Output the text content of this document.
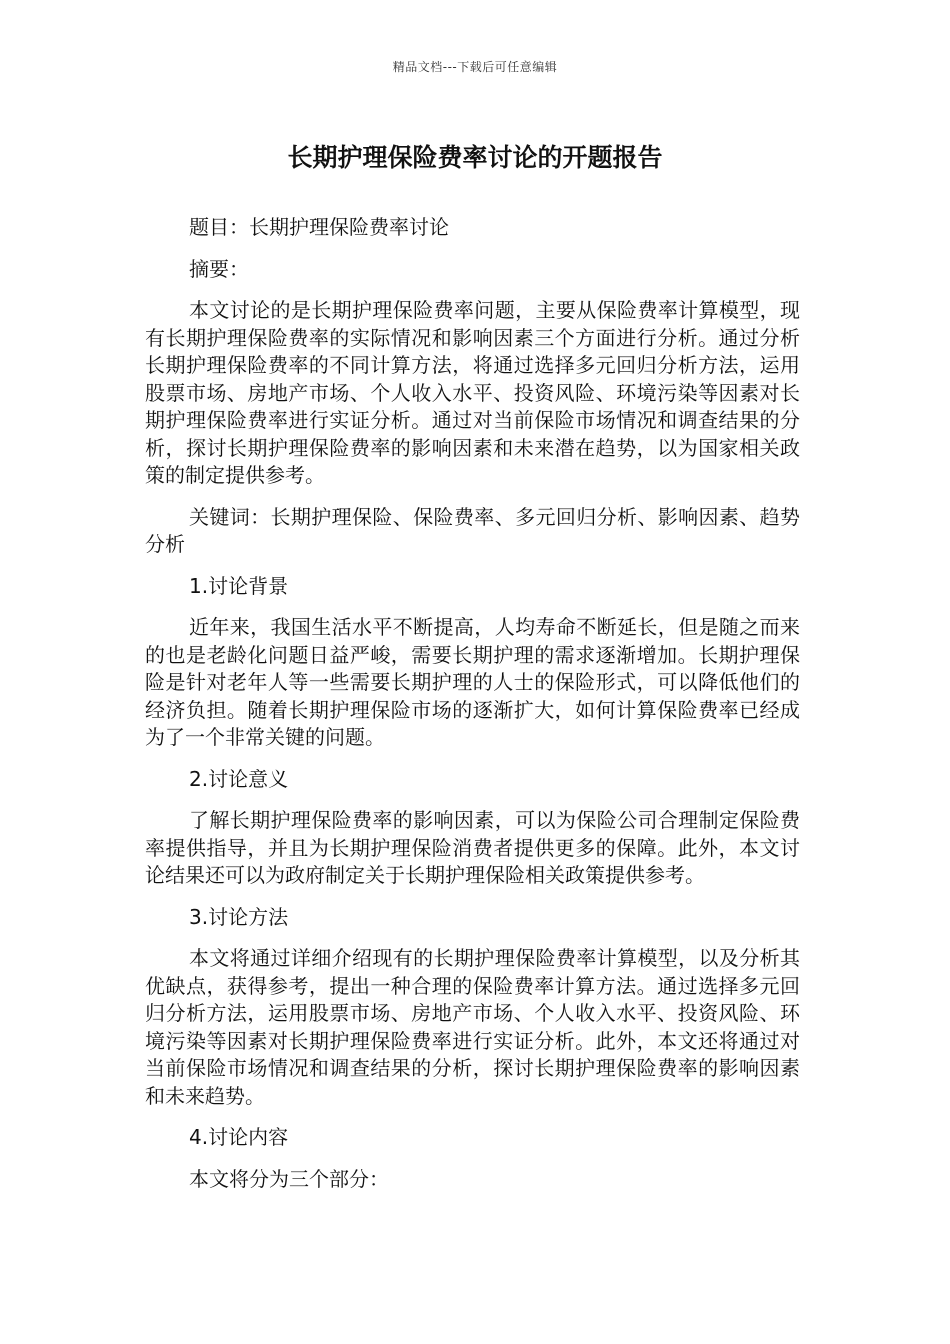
精品文档---下载后可任意编辑
长期护理保险费率讨论的开题报告

题目：长期护理保险费率讨论

摘要：

本文讨论的是长期护理保险费率问题，主要从保险费率计算模型，现有长期护理保险费率的实际情况和影响因素三个方面进行分析。通过分析长期护理保险费率的不同计算方法，将通过选择多元回归分析方法，运用股票市场、房地产市场、个人收入水平、投资风险、环境污染等因素对长期护理保险费率进行实证分析。通过对当前保险市场情况和调查结果的分析，探讨长期护理保险费率的影响因素和未来潜在趋势，以为国家相关政策的制定提供参考。

关键词：长期护理保险、保险费率、多元回归分析、影响因素、趋势分析

1.讨论背景

近年来，我国生活水平不断提高，人均寿命不断延长，但是随之而来的也是老龄化问题日益严峻，需要长期护理的需求逐渐增加。长期护理保险是针对老年人等一些需要长期护理的人士的保险形式，可以降低他们的经济负担。随着长期护理保险市场的逐渐扩大，如何计算保险费率已经成为了一个非常关键的问题。

2.讨论意义

了解长期护理保险费率的影响因素，可以为保险公司合理制定保险费率提供指导，并且为长期护理保险消费者提供更多的保障。此外，本文讨论结果还可以为政府制定关于长期护理保险相关政策提供参考。

3.讨论方法

本文将通过详细介绍现有的长期护理保险费率计算模型，以及分析其优缺点，获得参考，提出一种合理的保险费率计算方法。通过选择多元回归分析方法，运用股票市场、房地产市场、个人收入水平、投资风险、环境污染等因素对长期护理保险费率进行实证分析。此外，本文还将通过对当前保险市场情况和调查结果的分析，探讨长期护理保险费率的影响因素和未来趋势。

4.讨论内容

本文将分为三个部分：
